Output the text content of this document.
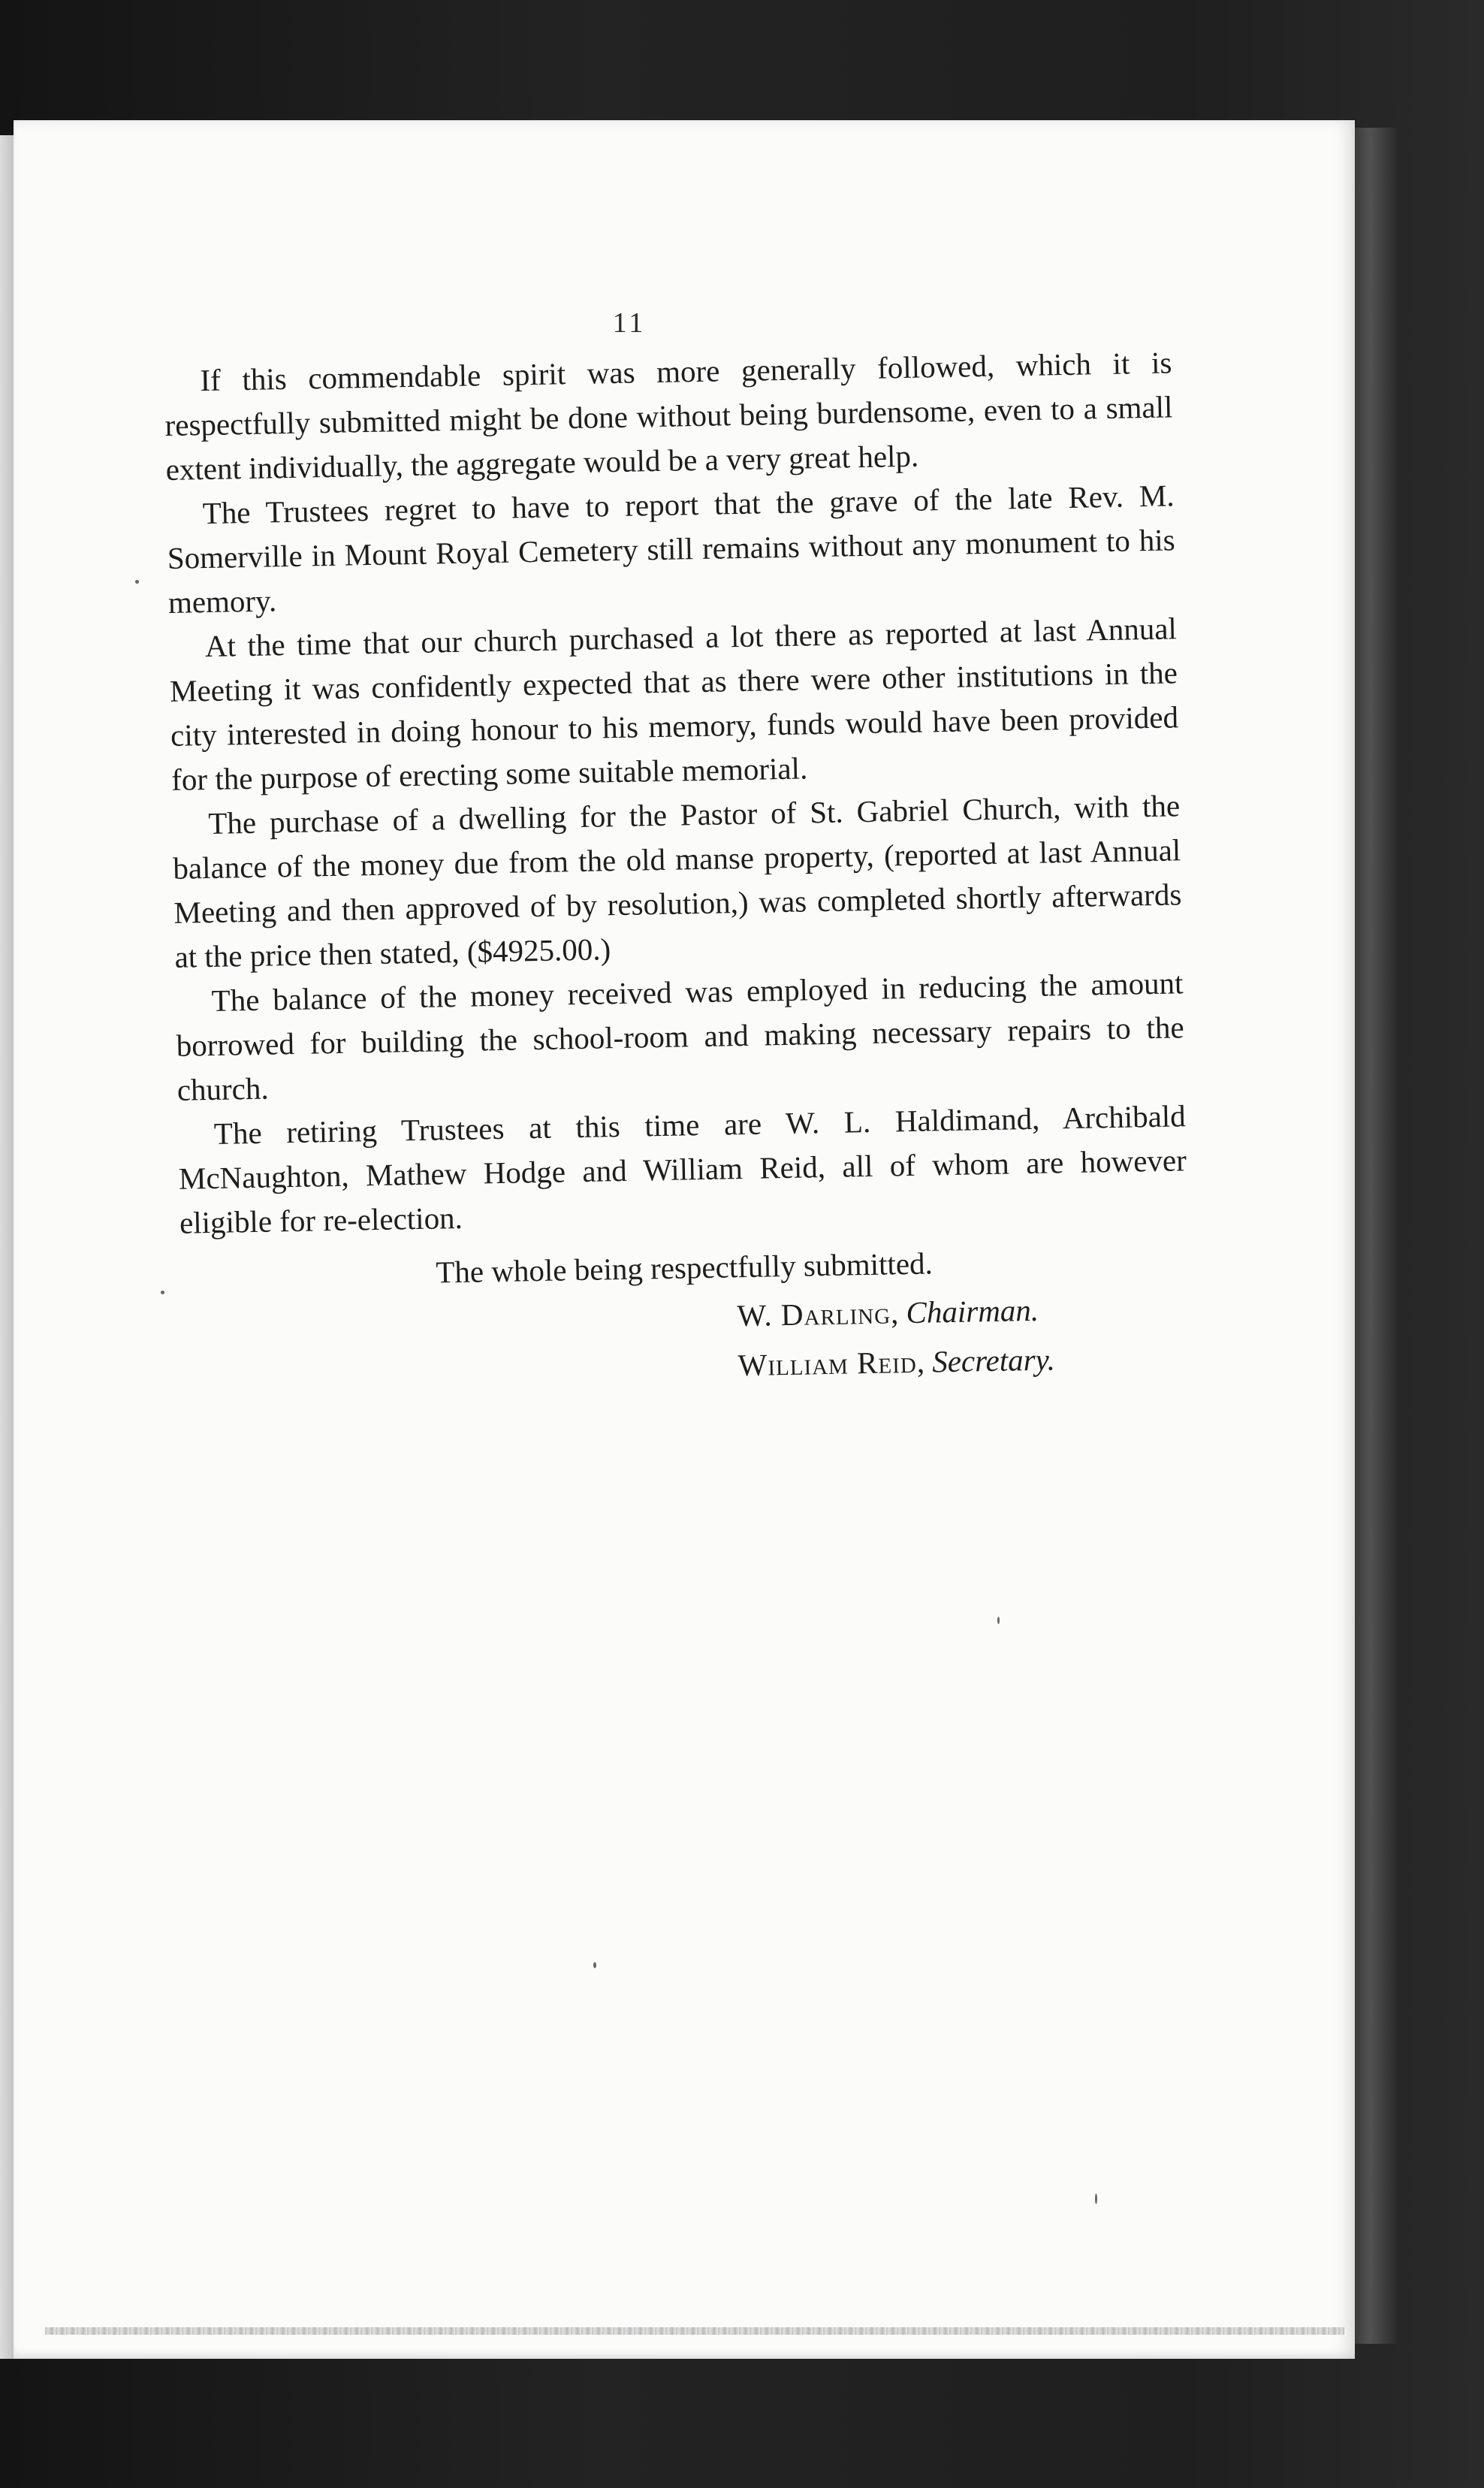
11

If this commendable spirit was more generally followed, which it is respectfully submitted might be done without being burdensome, even to a small extent individually, the aggregate would be a very great help.

The Trustees regret to have to report that the grave of the late Rev. M. Somerville in Mount Royal Cemetery still remains without any monument to his memory.

At the time that our church purchased a lot there as reported at last Annual Meeting it was confidently expected that as there were other institutions in the city interested in doing honour to his memory, funds would have been provided for the purpose of erecting some suitable memorial.

The purchase of a dwelling for the Pastor of St. Gabriel Church, with the balance of the money due from the old manse property, (reported at last Annual Meeting and then approved of by resolution,) was completed shortly afterwards at the price then stated, ($4925.00.)

The balance of the money received was employed in reducing the amount borrowed for building the school-room and making necessary repairs to the church.

The retiring Trustees at this time are W. L. Haldimand, Archibald McNaughton, Mathew Hodge and William Reid, all of whom are however eligible for re-election.

The whole being respectfully submitted.

W. Darling, Chairman.

William Reid, Secretary.
